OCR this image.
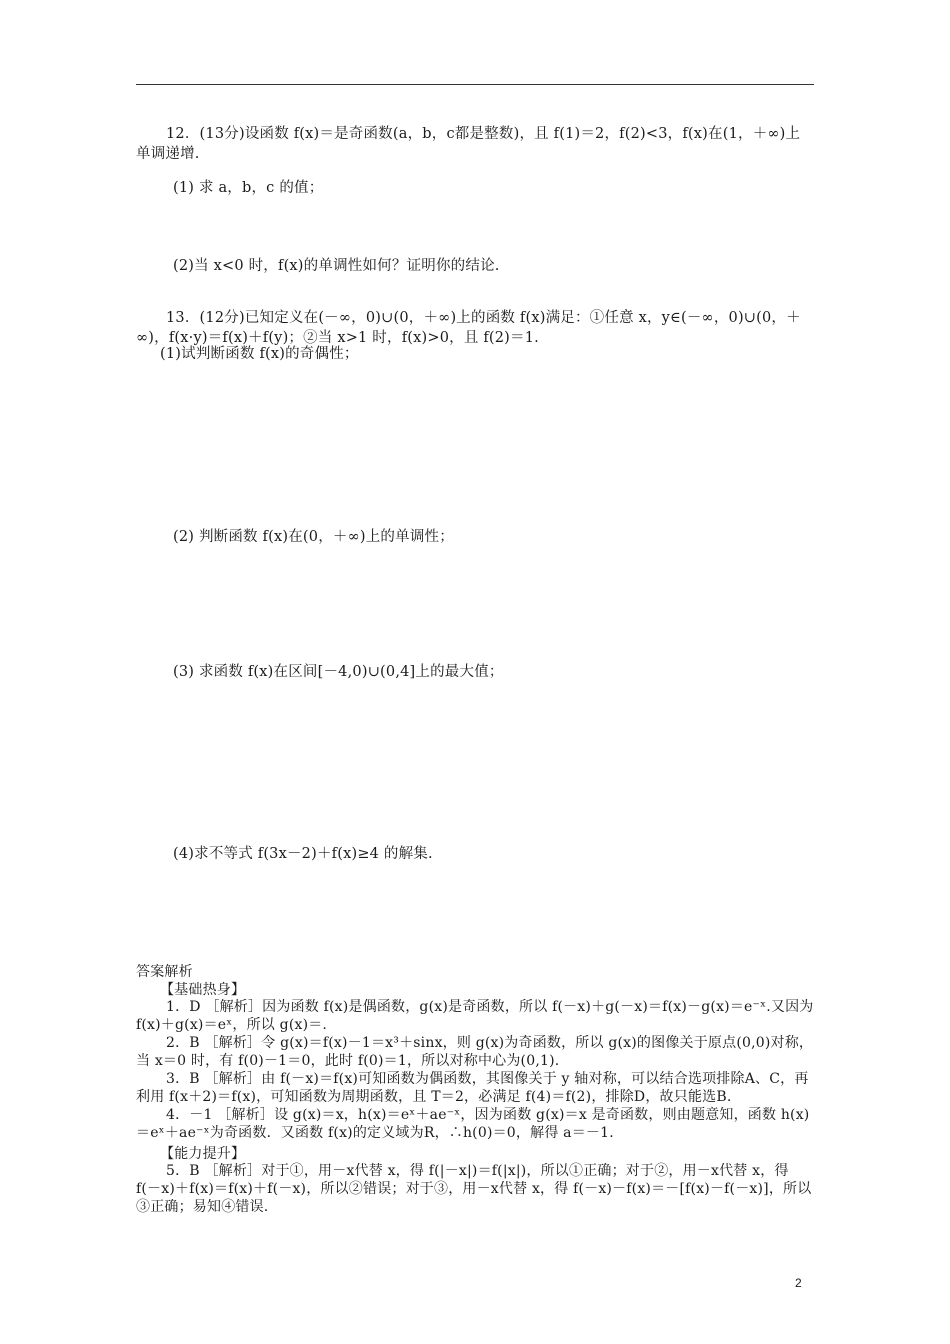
12．(13分)设函数 f(x)＝是奇函数(a，b，c都是整数)，且 f(1)＝2，f(2)<3，f(x)在(1，＋∞)上单调递增.
(1) 求 a，b，c 的值；
(2)当 x<0 时，f(x)的单调性如何？证明你的结论.
13．(12分)已知定义在(－∞，0)∪(0，＋∞)上的函数 f(x)满足：①任意 x，y∈(－∞，0)∪(0，＋∞)，f(x·y)＝f(x)＋f(y)；②当 x>1 时，f(x)>0，且 f(2)＝1.
(1)试判断函数 f(x)的奇偶性；
(2) 判断函数 f(x)在(0，＋∞)上的单调性；
(3) 求函数 f(x)在区间[－4,0)∪(0,4]上的最大值；
(4)求不等式 f(3x－2)＋f(x)≥4 的解集.
答案解析
【基础热身】
1．D ［解析］因为函数 f(x)是偶函数，g(x)是奇函数，所以 f(－x)＋g(－x)＝f(x)－g(x)＝e⁻ˣ.又因为 f(x)＋g(x)＝eˣ，所以 g(x)＝.
2．B ［解析］令 g(x)＝f(x)－1＝x³＋sinx，则 g(x)为奇函数，所以 g(x)的图像关于原点(0,0)对称，当 x＝0 时，有 f(0)－1＝0，此时 f(0)＝1，所以对称中心为(0,1).
3．B ［解析］由 f(－x)＝f(x)可知函数为偶函数，其图像关于 y 轴对称，可以结合选项排除A、C，再利用 f(x＋2)＝f(x)，可知函数为周期函数，且 T＝2，必满足 f(4)＝f(2)，排除D，故只能选B.
4．－1 ［解析］设 g(x)＝x，h(x)＝eˣ＋ae⁻ˣ，因为函数 g(x)＝x 是奇函数，则由题意知，函数 h(x)＝eˣ＋ae⁻ˣ为奇函数．又函数 f(x)的定义域为R，∴h(0)＝0，解得 a＝－1.
【能力提升】
5．B ［解析］对于①，用－x代替 x，得 f(|－x|)＝f(|x|)，所以①正确；对于②，用－x代替 x，得 f(－x)＋f(x)＝f(x)＋f(－x)，所以②错误；对于③，用－x代替 x，得 f(－x)－f(x)＝－[f(x)－f(－x)]，所以③正确；易知④错误.
2
